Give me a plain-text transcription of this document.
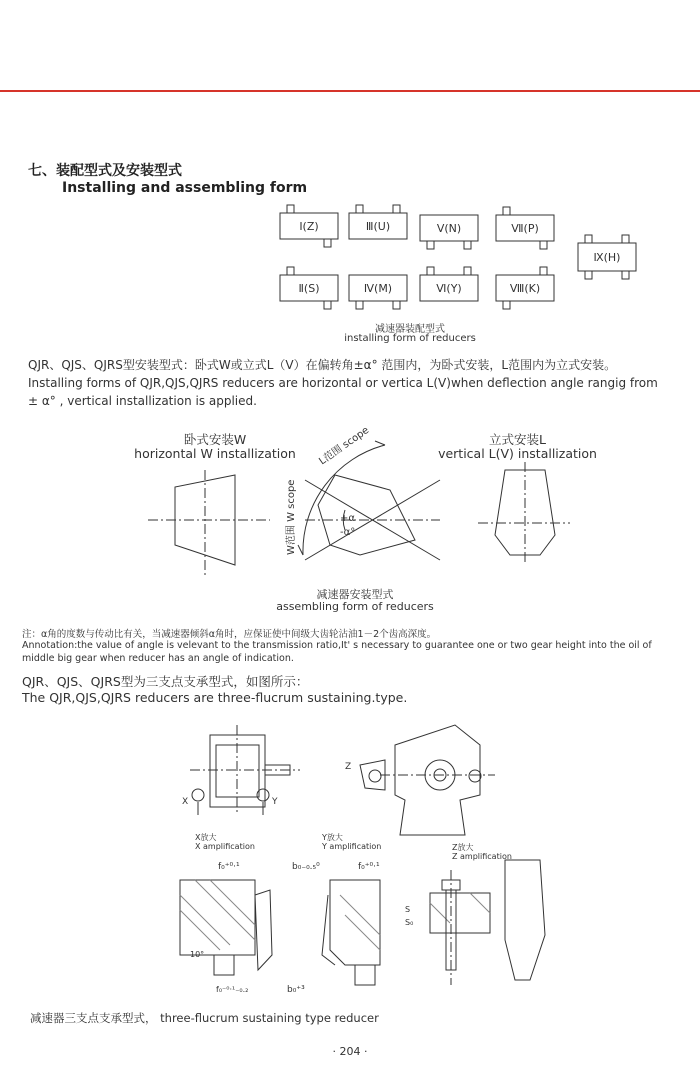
七、装配型式及安装型式
Installing and assembling form
Ⅰ(Z)	Ⅲ(U)	Ⅴ(N)	Ⅶ(P)
Ⅱ(S)	Ⅳ(M)	Ⅵ(Y)	Ⅷ(K)
Ⅸ(H)
减速器装配型式
installing form of reducers
QJR、QJS、QJRS型安装型式：卧式W或立式L（V）在偏转角±α° 范围内，为卧式安装，L范围内为立式安装。
Installing forms of QJR,QJS,QJRS reducers are horizontal or vertica L(V)when deflection angle rangig from
± α° , vertical installization is applied.
卧式安装W
horizontal W installization
立式安装L
vertical L(V) installization
L范围 scope
W范围 W scope	+α
-α°
减速器安装型式
assembling form of reducers
注：α角的度数与传动比有关，当减速器倾斜α角时，应保证使中间级大齿轮沾油1－2个齿高深度。
Annotation:the value of angle is velevant to the transmission ratio,It' s necessary to guarantee one or two gear height into the oil of
middle big gear when reducer has an angle of indication.
QJR、QJS、QJRS型为三支点支承型式，如图所示：
The QJR,QJS,QJRS reducers are three-flucrum sustaining.type.
X	Y
Z
X放大
X amplification
Y放大
Y amplification	Z放大
Z amplification
f₀⁺⁰·¹	b₀₋₀.₅⁰	f₀⁺⁰·¹
b₀⁺³
f₀⁻⁰·¹₋₀.₂
10°
S
S₀
减速器三支点支承型式， three-flucrum sustaining type reducer
· 204 ·
